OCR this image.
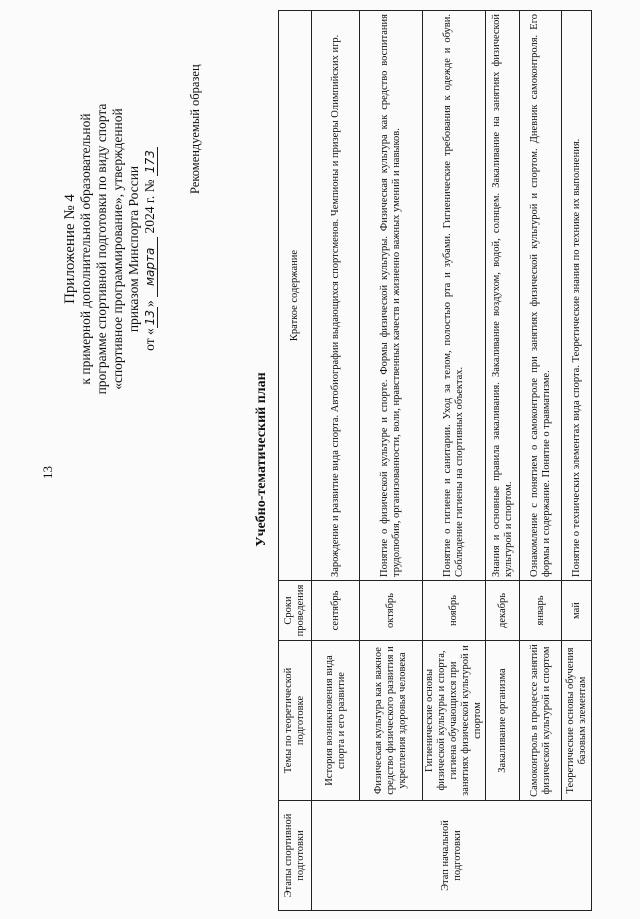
13
Приложение № 4 к примерной дополнительной образовательной программе спортивной подготовки по виду спорта «спортивное программирование», утвержденной приказом Минспорта России
от «13» марта 2024 г. № 173 Рекомендуемый образец
Учебно-тематический план
Этапы спортивной подготовки	Темы по теоретической подготовке	Сроки проведения	Краткое содержание
Этап начальной подготовки	История возникновения вида спорта и его развитие	сентябрь	Зарождение и развитие вида спорта. Автобиографии выдающихся спортсменов. Чемпионы и призеры Олимпийских игр.
	Физическая культура как важное средство физического развития и укрепления здоровья человека	октябрь	Понятие о физической культуре и спорте. Формы физической культуры. Физическая культура как средство воспитания трудолюбия, организованности, воли, нравственных качеств и жизненно важных умений и навыков.
	Гигиенические основы физической культуры и спорта, гигиена обучающихся при занятиях физической культурой и спортом	ноябрь	Понятие о гигиене и санитарии. Уход за телом, полостью рта и зубами. Гигиенические требования к одежде и обуви. Соблюдение гигиены на спортивных объектах.
	Закаливание организма	декабрь	Знания и основные правила закаливания. Закаливание воздухом, водой, солнцем. Закаливание на занятиях физической культурой и спортом.
	Самоконтроль в процессе занятий физической культурой и спортом	январь	Ознакомление с понятием о самоконтроле при занятиях физической культурой и спортом. Дневник самоконтроля. Его формы и содержание. Понятие о травматизме.
	Теоретические основы обучения базовым элементам	май	Понятие о технических элементах вида спорта. Теоретические знания по технике их выполнения.
